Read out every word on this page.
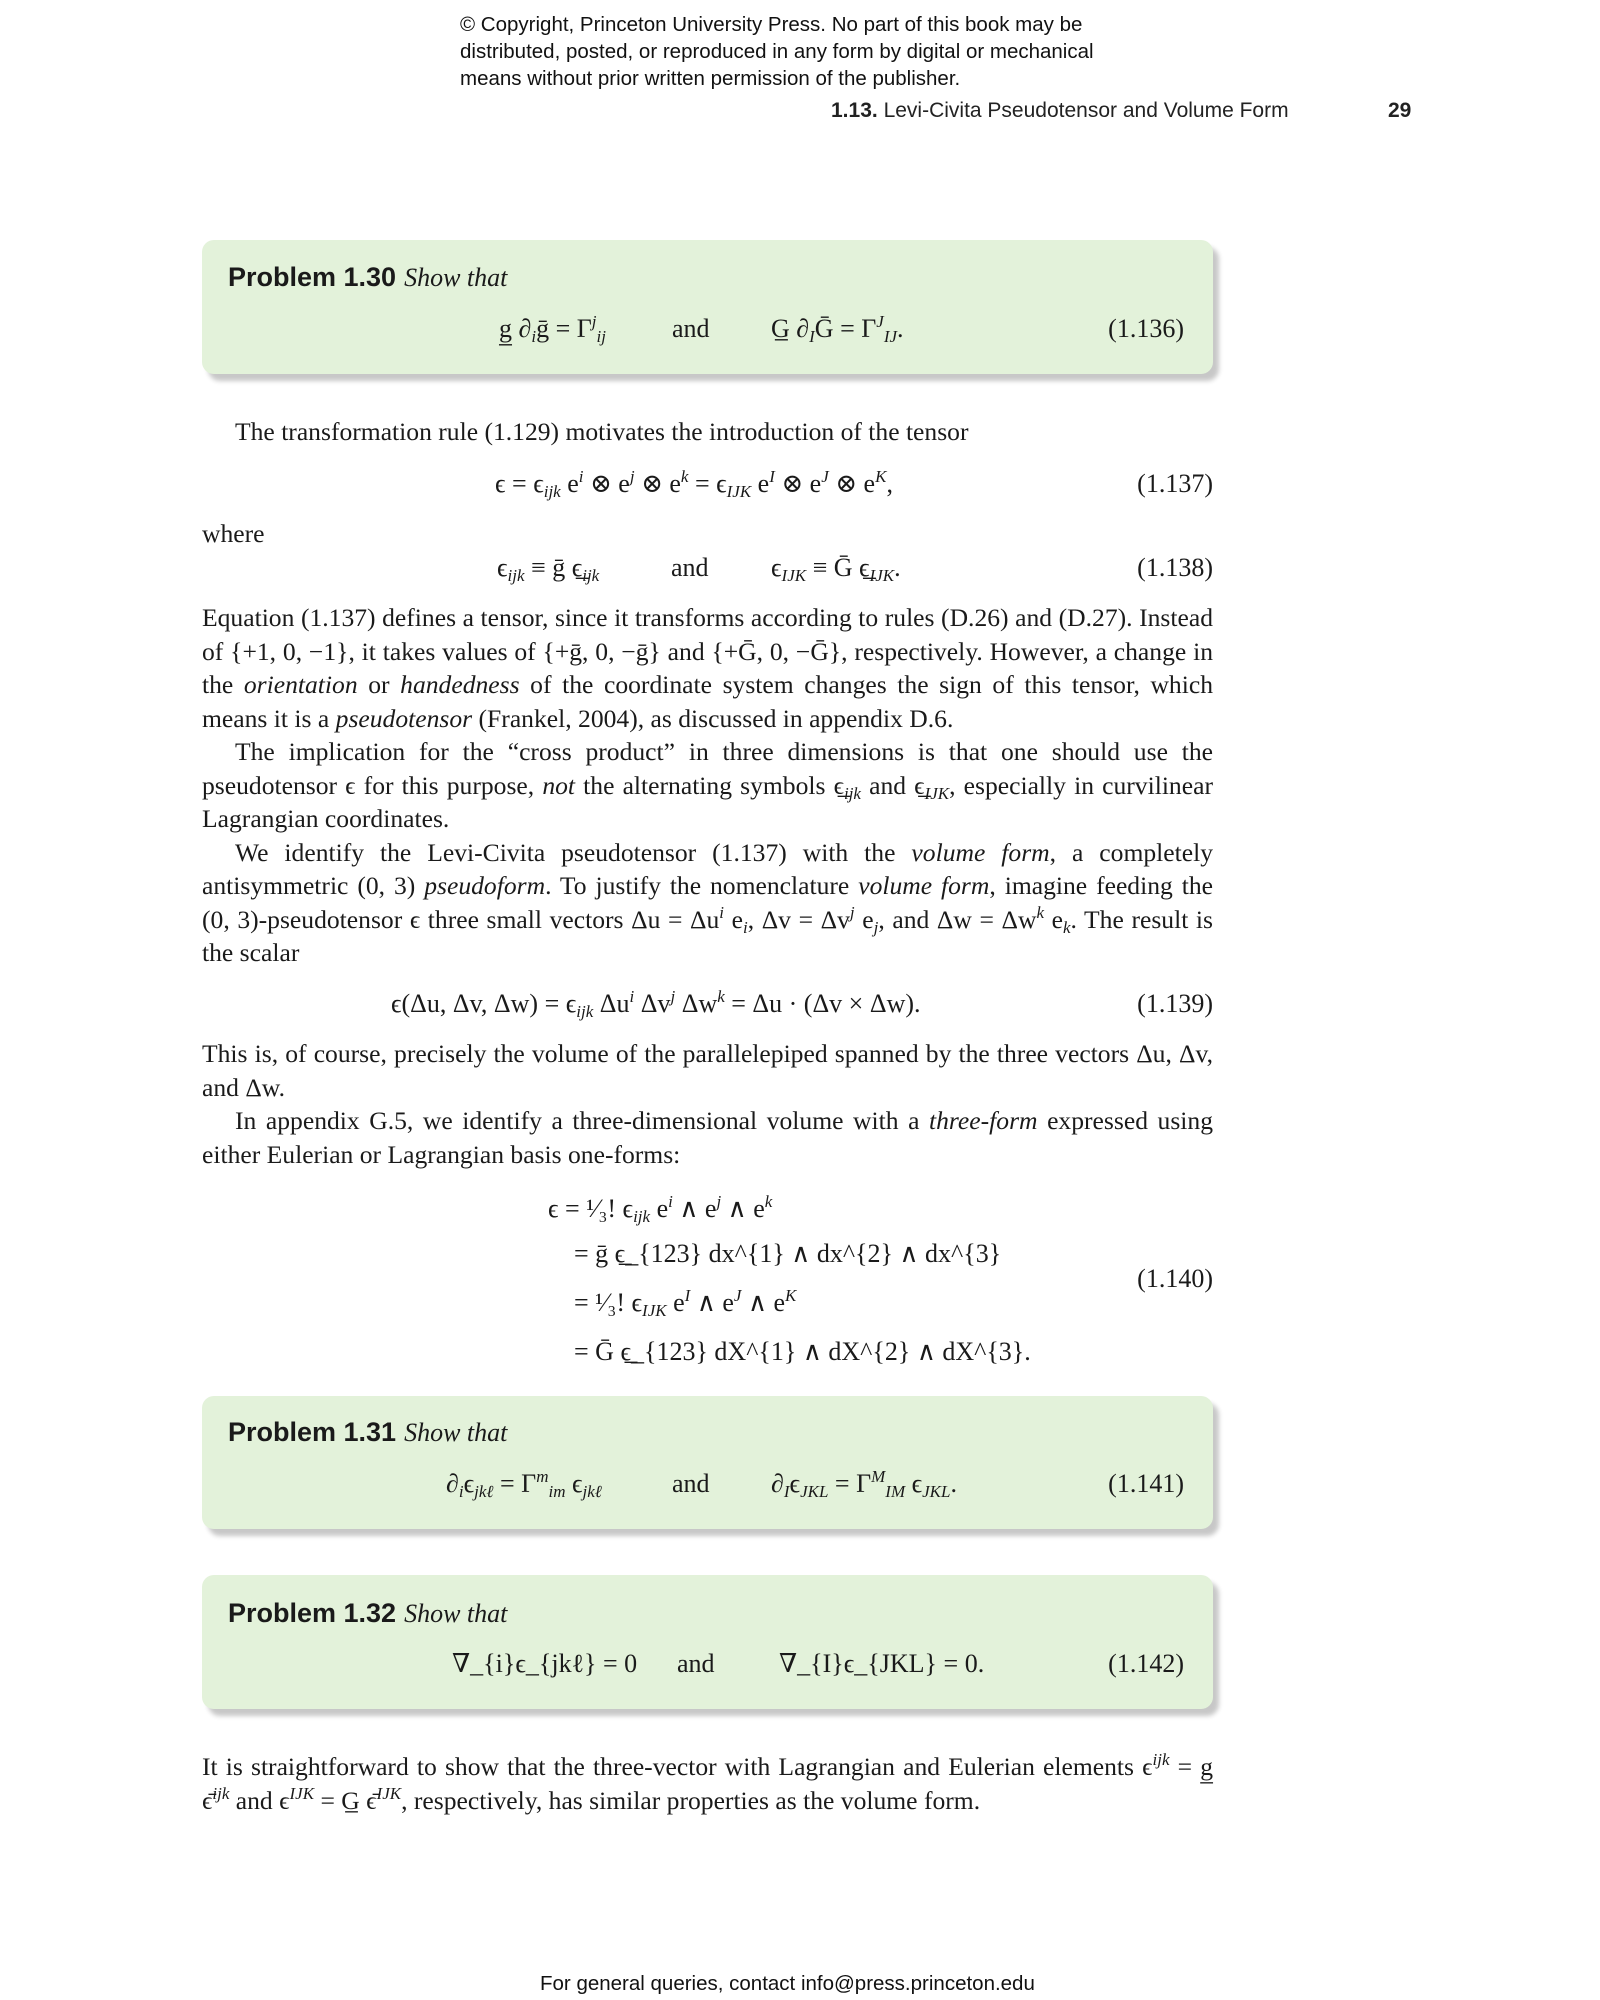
© Copyright, Princeton University Press. No part of this book may be
distributed, posted, or reproduced in any form by digital or mechanical
means without prior written permission of the publisher.
1.13. Levi-Civita Pseudotensor and Volume Form	29
Problem 1.30 Show that
g̲ $\partial_iḡ = \Gamma^j_{ij}$	and G̲ $\partial_IḠ = \Gamma^J_{IJ}$.	(1.136)

The transformation rule (1.129) motivates the introduction of the tensor

$\epsilon = \epsilon_{ijk}$ $e^i$ ⊗ $e^j$ ⊗ $e^k = \epsilon_{IJK}$ $e^I$ ⊗ $e^J$ ⊗ $e^K$,	(1.137)

where

$\epsilon_{ijk}$ ≡ ḡ $\epsilon̲_{ijk}$	and $\epsilon_{IJK}$ ≡ Ḡ $\epsilon̲_{IJK}$.	(1.138)

Equation (1.137) defines a tensor, since it transforms according to rules (D.26) and (D.27). Instead of {+1, 0, −1}, it takes values of {+ḡ, 0, −ḡ} and {+Ḡ, 0, −Ḡ}, respectively. However, a change in the orientation or handedness of the coordinate system changes the sign of this tensor, which means it is a pseudotensor (Frankel, 2004), as discussed in appendix D.6.

The implication for the “cross product” in three dimensions is that one should use the pseudotensor ϵ for this purpose, not the alternating symbols $\epsilon̲_{ijk}$ and $\epsilon̲_{IJK}$, especially in curvilinear Lagrangian coordinates.

We identify the Levi-Civita pseudotensor (1.137) with the volume form, a completely antisymmetric (0, 3) pseudoform. To justify the nomenclature volume form, imagine feeding the (0, 3)-pseudotensor ϵ three small vectors $\Delta u = \Delta u^i$ $e_i$, $\Delta v = \Delta v^j$ $e_j$, and $\Delta w = \Delta w^k$ $e_k$. The result is the scalar

ϵ(Δu, Δv, $\Delta w) = \epsilon_{ijk}$ $\Delta u^i$ $\Delta v^j$ $\Delta w^k = \Delta u \cdot (\Delta v \times \Delta w)$.	(1.139)

This is, of course, precisely the volume of the parallelepiped spanned by the three vectors Δu, Δv, and Δw.

In appendix G.5, we identify a three-dimensional volume with a three-form expressed using either Eulerian or Lagrangian basis one-forms:

ϵ = ¹⁄₃! $\epsilon_{ijk}$ $e^i$ ∧ $e^j$ ∧ $e^k$
= ḡ ϵ̲_{123} dx^{1} ∧ dx^{2} ∧ dx^{3}
= ¹⁄₃! $\epsilon_{IJK}$ $e^I$ ∧ $e^J$ ∧ $e^K$
= Ḡ ϵ̲_{123} dX^{1} ∧ dX^{2} ∧ dX^{3}.
(1.140)
Problem 1.31 Show that
$\partial_i\epsilon_{jk\ell} = \Gamma^m_{im}$ $\epsilon_{jk\ell}$	and $\partial_I\epsilon_{JKL} = \Gamma^M_{IM}$ $\epsilon_{JKL}$.	(1.141)
Problem 1.32 Show that
∇_{i}ϵ_{jkℓ} = 0 and ∇_{I}ϵ_{JKL} = 0.	(1.142)

It is straightforward to show that the three-vector with Lagrangian and Eulerian elements $\epsilon^{ijk}$ = g̲ ϵ̄$^{ijk}$ and $\epsilon^{IJK}$ = G̲ ϵ̄$^{IJK}$, respectively, has similar properties as the volume form.

For general queries, contact info@press.princeton.edu
